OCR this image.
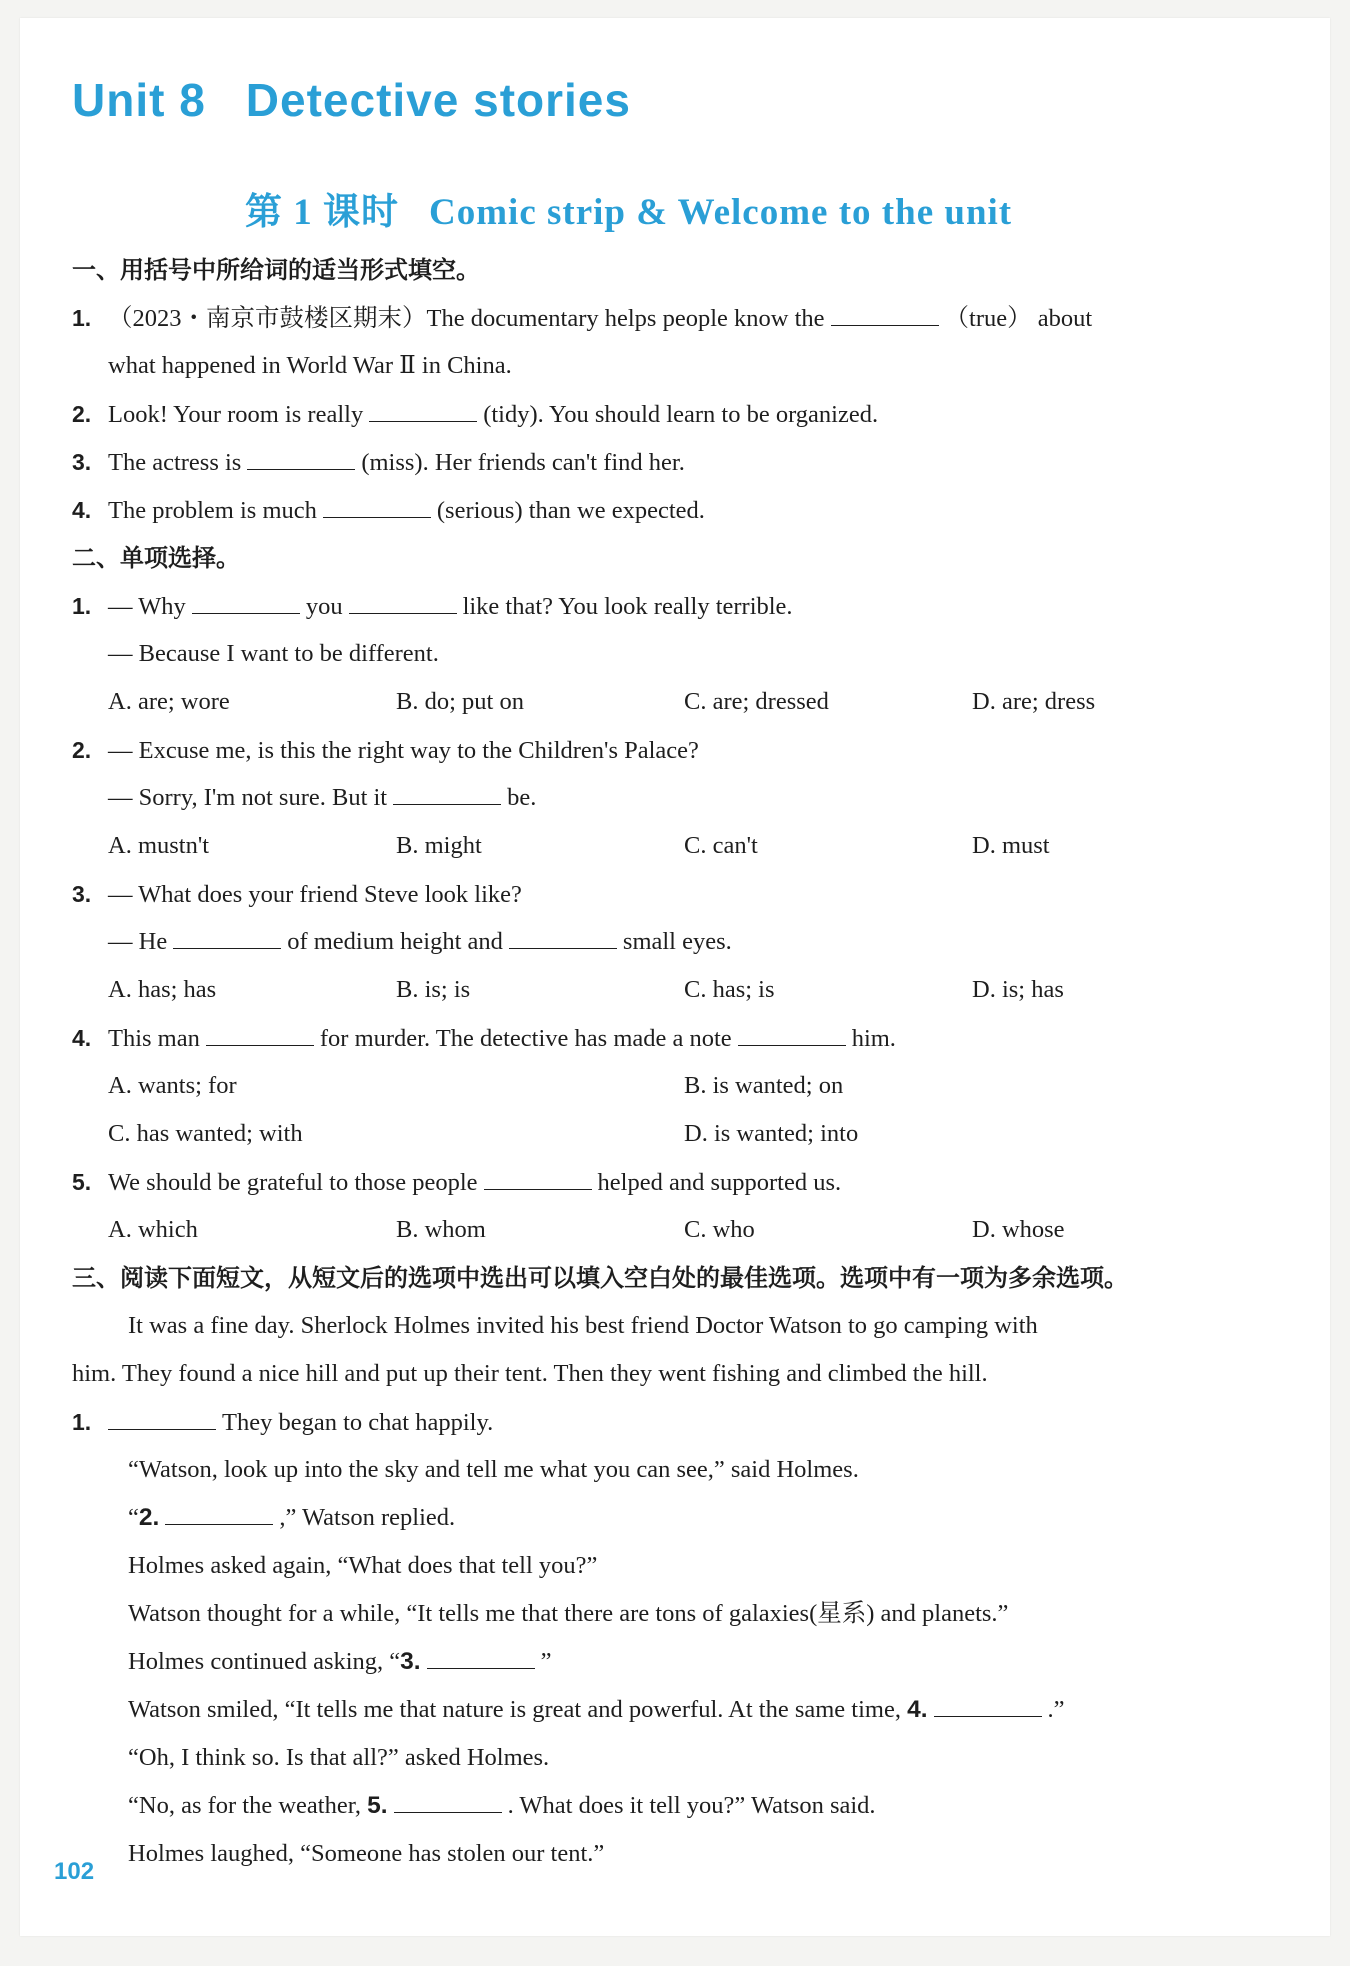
Unit 8 Detective stories
第 1 课时 Comic strip & Welcome to the unit
一、用括号中所给词的适当形式填空。
1. （2023・南京市鼓楼区期末）The documentary helps people know the	（true） about
what happened in World War Ⅱ in China.
2. Look! Your room is really	(tidy). You should learn to be organized.
3. The actress is	(miss). Her friends can't find her.
4. The problem is much	(serious) than we expected.
二、单项选择。
1. — Why	you	like that? You look really terrible.
— Because I want to be different.
A. are; wore	B. do; put on	C. are; dressed	D. are; dress
2. — Excuse me, is this the right way to the Children's Palace?
— Sorry, I'm not sure. But it	be.
A. mustn't	B. might	C. can't	D. must
3. — What does your friend Steve look like?
— He	of medium height and	small eyes.
A. has; has	B. is; is	C. has; is	D. is; has
4. This man	for murder. The detective has made a note	him.
A. wants; for	B. is wanted; on
C. has wanted; with	D. is wanted; into
5. We should be grateful to those people	helped and supported us.
A. which	B. whom	C. who	D. whose
三、阅读下面短文，从短文后的选项中选出可以填入空白处的最佳选项。选项中有一项为多余选项。
It was a fine day. Sherlock Holmes invited his best friend Doctor Watson to go camping with
him. They found a nice hill and put up their tent. Then they went fishing and climbed the hill.
1.	They began to chat happily.
“Watson, look up into the sky and tell me what you can see,” said Holmes.
“2.	,” Watson replied.
Holmes asked again, “What does that tell you?”
Watson thought for a while, “It tells me that there are tons of galaxies(星系) and planets.”
Holmes continued asking, “3.	”
Watson smiled, “It tells me that nature is great and powerful. At the same time, 4.	.”
“Oh, I think so. Is that all?” asked Holmes.
“No, as for the weather, 5.	. What does it tell you?” Watson said.
Holmes laughed, “Someone has stolen our tent.”
102
